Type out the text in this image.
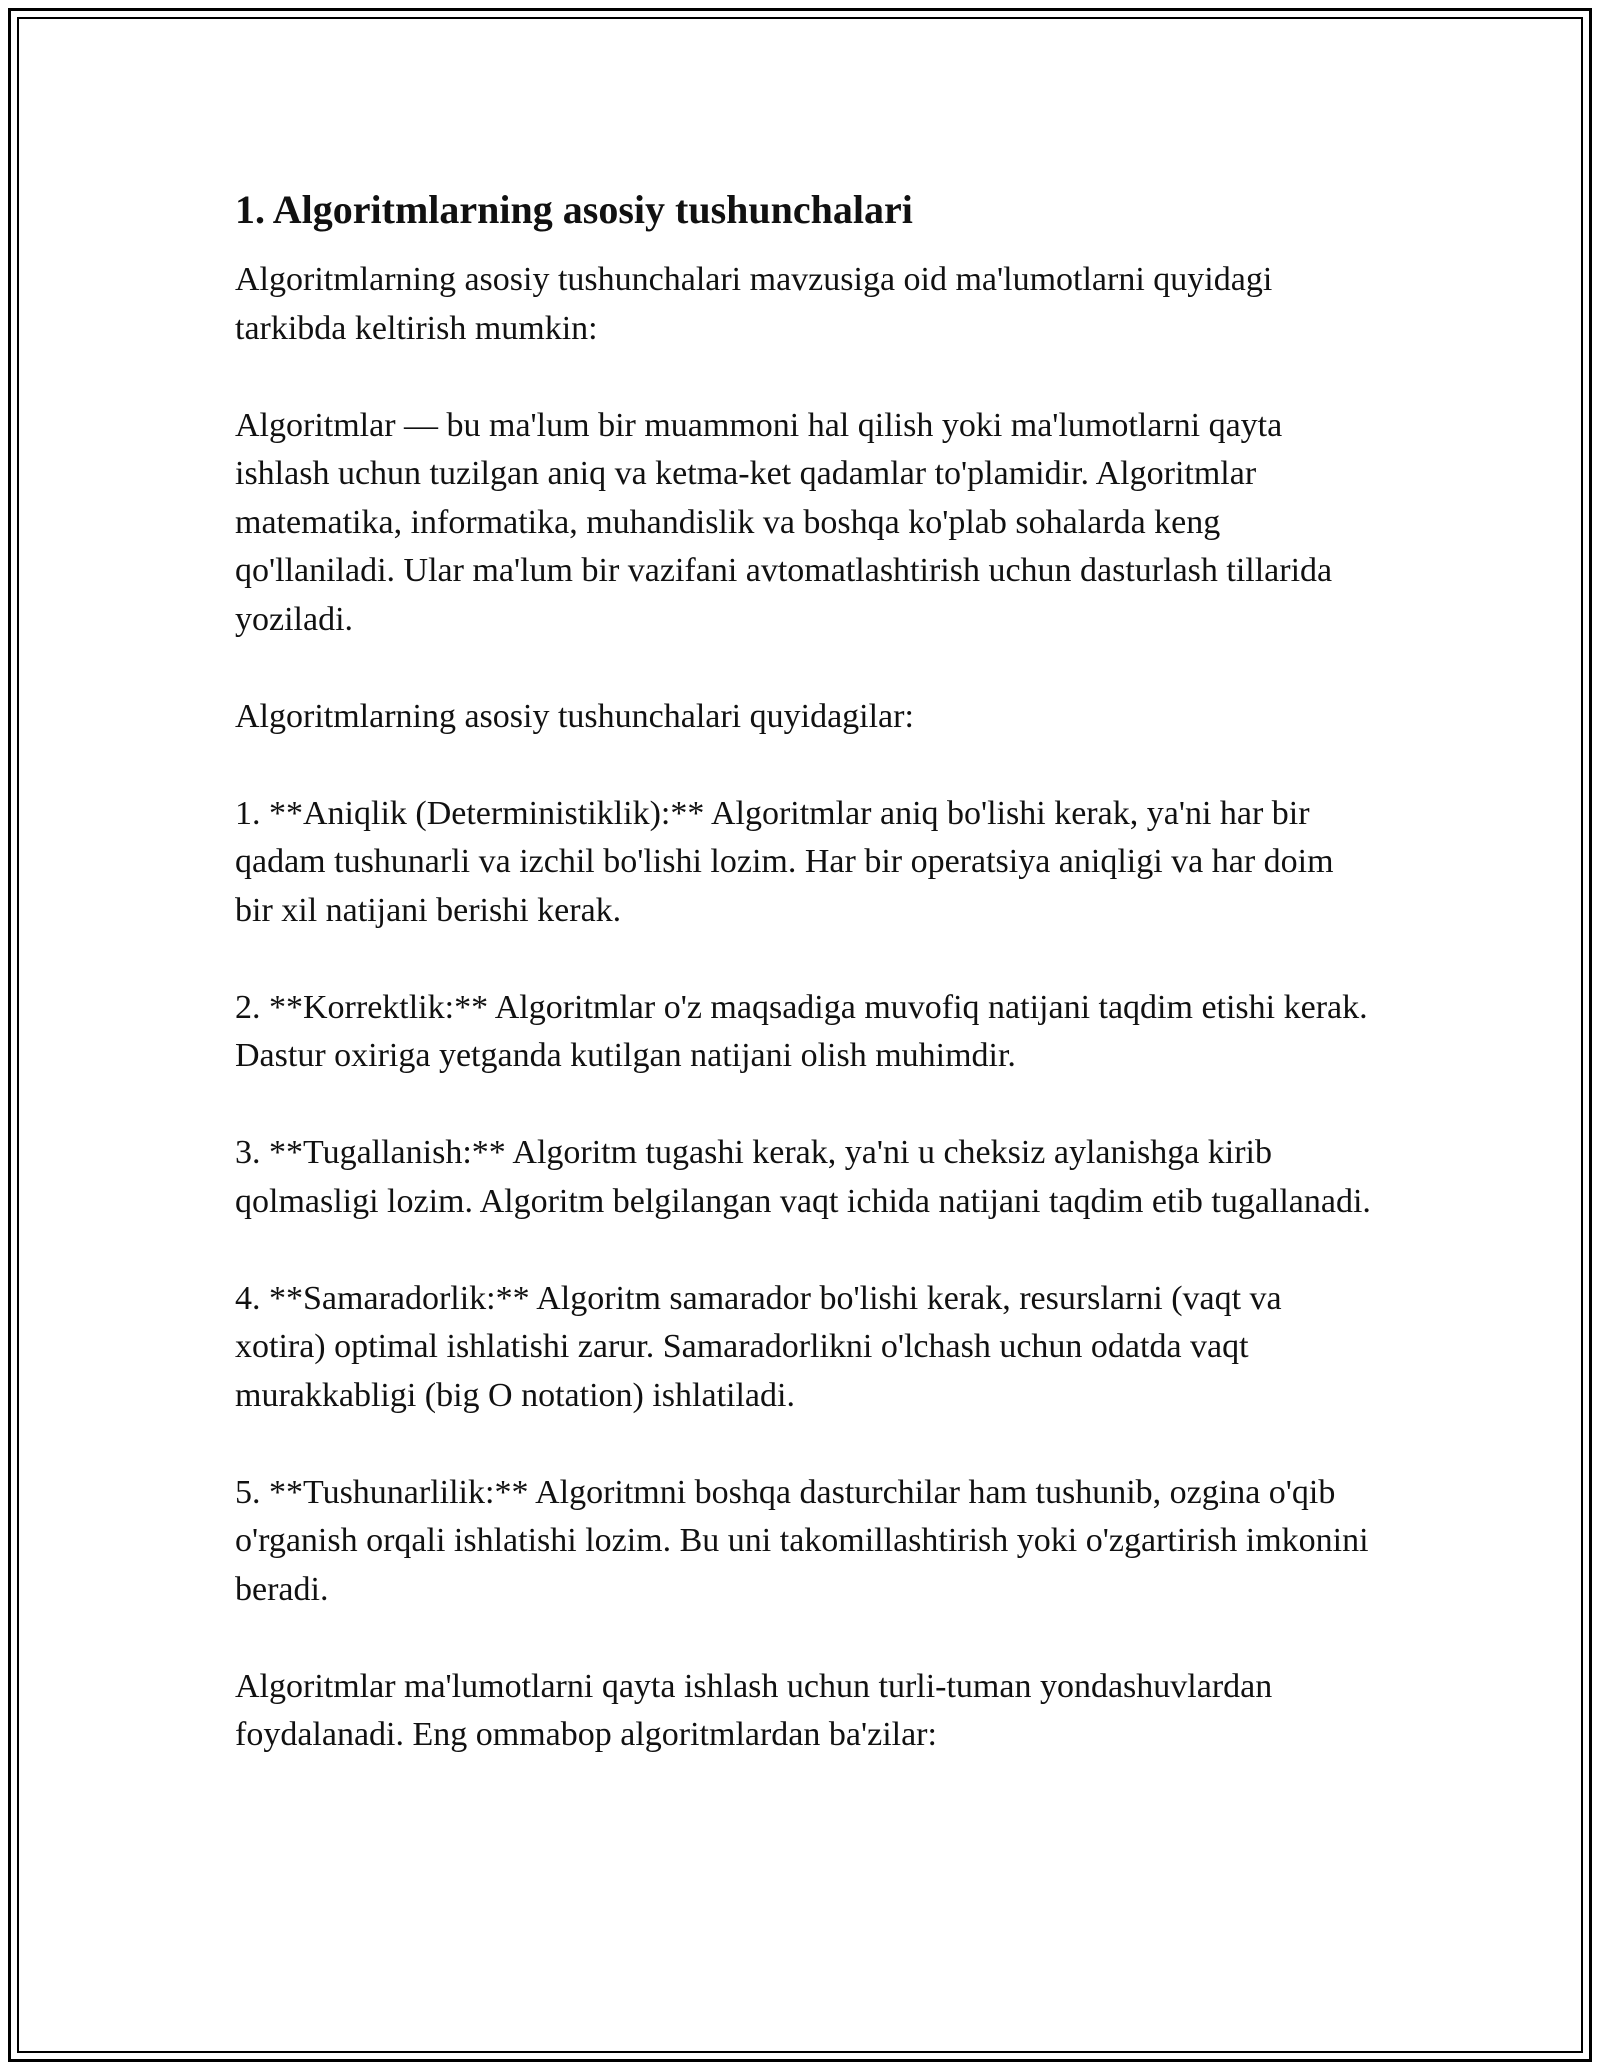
1. Algoritmlarning asosiy tushunchalari

Algoritmlarning asosiy tushunchalari mavzusiga oid ma'lumotlarni quyidagi tarkibda keltirish mumkin:

Algoritmlar — bu ma'lum bir muammoni hal qilish yoki ma'lumotlarni qayta ishlash uchun tuzilgan aniq va ketma-ket qadamlar to'plamidir. Algoritmlar matematika, informatika, muhandislik va boshqa ko'plab sohalarda keng qo'llaniladi. Ular ma'lum bir vazifani avtomatlashtirish uchun dasturlash tillarida yoziladi.

Algoritmlarning asosiy tushunchalari quyidagilar:

1. **Aniqlik (Deterministiklik):** Algoritmlar aniq bo'lishi kerak, ya'ni har bir qadam tushunarli va izchil bo'lishi lozim. Har bir operatsiya aniqligi va har doim bir xil natijani berishi kerak.

2. **Korrektlik:** Algoritmlar o'z maqsadiga muvofiq natijani taqdim etishi kerak. Dastur oxiriga yetganda kutilgan natijani olish muhimdir.

3. **Tugallanish:** Algoritm tugashi kerak, ya'ni u cheksiz aylanishga kirib qolmasligi lozim. Algoritm belgilangan vaqt ichida natijani taqdim etib tugallanadi.

4. **Samaradorlik:** Algoritm samarador bo'lishi kerak, resurslarni (vaqt va xotira) optimal ishlatishi zarur. Samaradorlikni o'lchash uchun odatda vaqt murakkabligi (big O notation) ishlatiladi.

5. **Tushunarlilik:** Algoritmni boshqa dasturchilar ham tushunib, ozgina o'qib o'rganish orqali ishlatishi lozim. Bu uni takomillashtirish yoki o'zgartirish imkonini beradi.

Algoritmlar ma'lumotlarni qayta ishlash uchun turli-tuman yondashuvlardan foydalanadi. Eng ommabop algoritmlardan ba'zilar:
